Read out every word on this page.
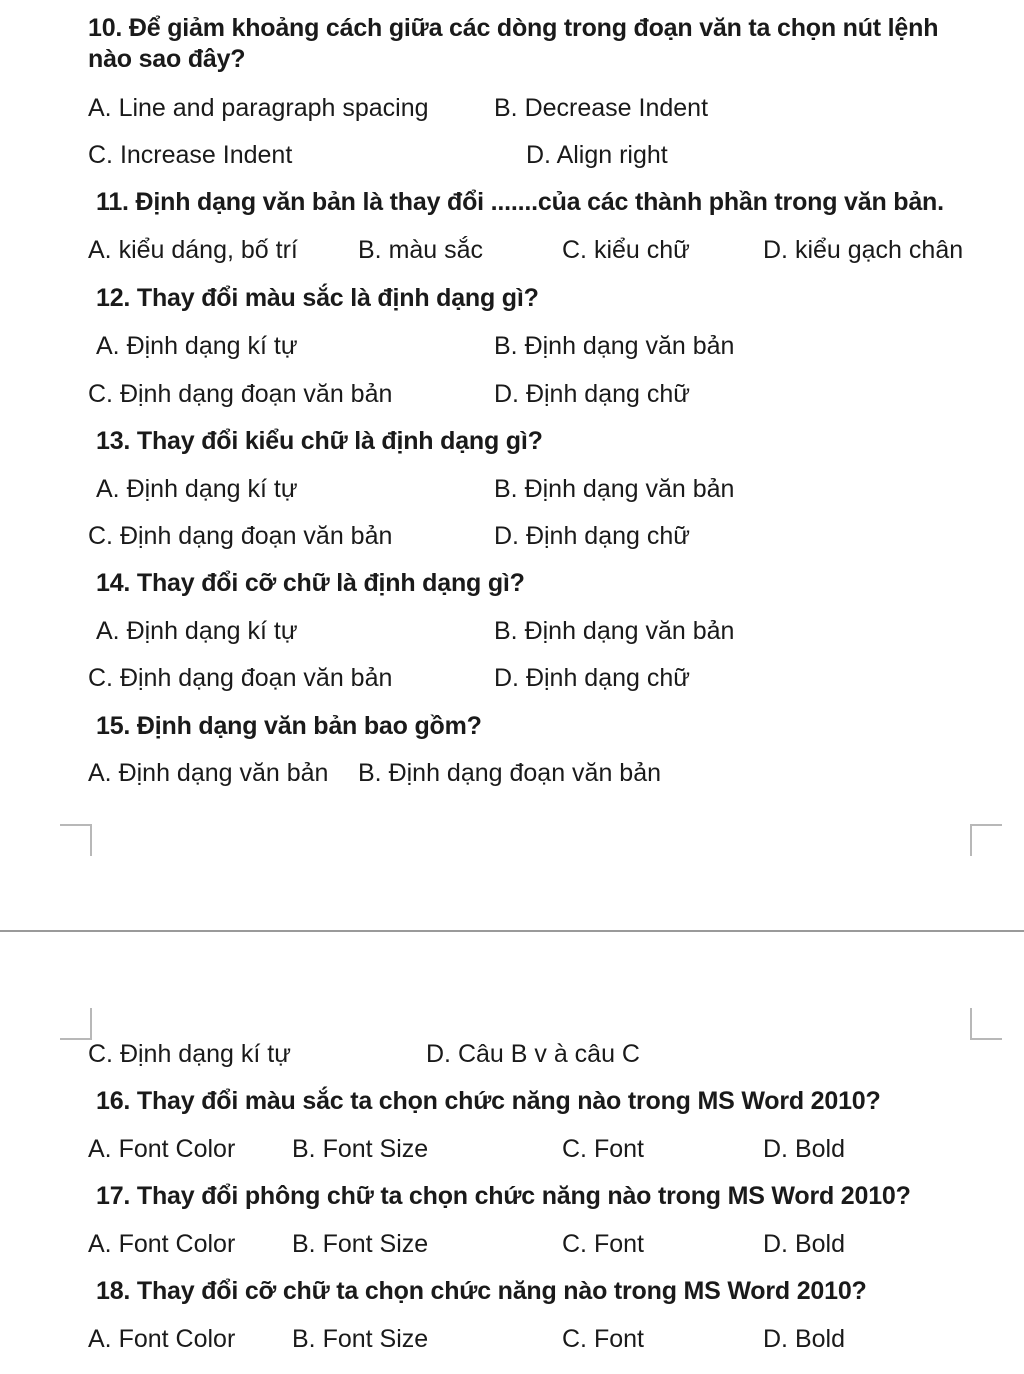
10. Để giảm khoảng cách giữa các dòng trong đoạn văn ta chọn nút lệnh
nào sao đây?
A. Line and paragraph spacing	B. Decrease Indent
C. Increase Indent	D. Align right
11. Định dạng văn bản là thay đổi .......của các thành phần trong văn bản.
A. kiểu dáng, bố trí B. màu sắc	C. kiểu chữ	D. kiểu gạch chân
12. Thay đổi màu sắc là định dạng gì?
A. Định dạng kí tự	B. Định dạng văn bản
C. Định dạng đoạn văn bản	D. Định dạng chữ
13. Thay đổi kiểu chữ là định dạng gì?
A. Định dạng kí tự	B. Định dạng văn bản
C. Định dạng đoạn văn bản	D. Định dạng chữ
14. Thay đổi cỡ chữ là định dạng gì?
A. Định dạng kí tự	B. Định dạng văn bản
C. Định dạng đoạn văn bản	D. Định dạng chữ
15. Định dạng văn bản bao gồm?
A. Định dạng văn bản B. Định dạng đoạn văn bản
C. Định dạng kí tự	D. Câu B v à câu C
16. Thay đổi màu sắc ta chọn chức năng nào trong MS Word 2010?
A. Font Color B. Font Size	C. Font	D. Bold
17. Thay đổi phông chữ ta chọn chức năng nào trong MS Word 2010?
A. Font Color B. Font Size	C. Font	D. Bold
18. Thay đổi cỡ chữ ta chọn chức năng nào trong MS Word 2010?
A. Font Color B. Font Size	C. Font	D. Bold
